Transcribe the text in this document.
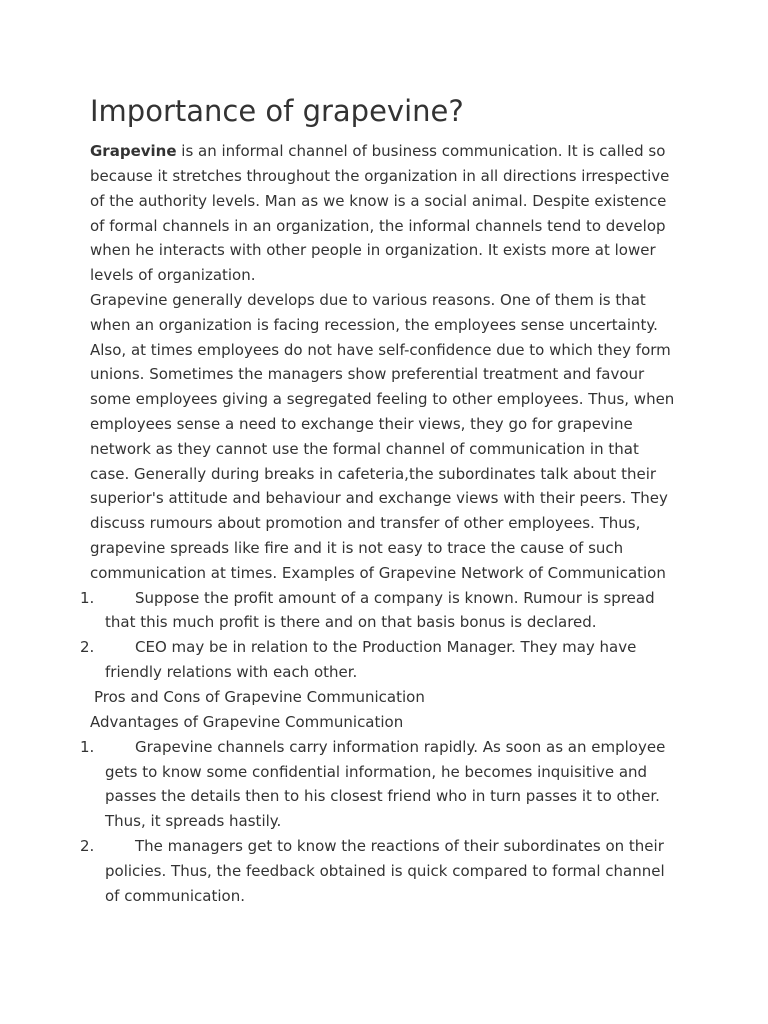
Importance of grapevine?
Grapevine is an informal channel of business communication. It is called so
because it stretches throughout the organization in all directions irrespective
of the authority levels. Man as we know is a social animal. Despite existence
of formal channels in an organization, the informal channels tend to develop
when he interacts with other people in organization. It exists more at lower
levels of organization.
Grapevine generally develops due to various reasons. One of them is that
when an organization is facing recession, the employees sense uncertainty.
Also, at times employees do not have self-confidence due to which they form
unions. Sometimes the managers show preferential treatment and favour
some employees giving a segregated feeling to other employees. Thus, when
employees sense a need to exchange their views, they go for grapevine
network as they cannot use the formal channel of communication in that
case. Generally during breaks in cafeteria,the subordinates talk about their
superior's attitude and behaviour and exchange views with their peers. They
discuss rumours about promotion and transfer of other employees. Thus,
grapevine spreads like fire and it is not easy to trace the cause of such
communication at times. Examples of Grapevine Network of Communication
1.	Suppose the profit amount of a company is known. Rumour is spread
that this much profit is there and on that basis bonus is declared.
2.	CEO may be in relation to the Production Manager. They may have
friendly relations with each other.
Pros and Cons of Grapevine Communication
Advantages of Grapevine Communication
1.	Grapevine channels carry information rapidly. As soon as an employee
gets to know some confidential information, he becomes inquisitive and
passes the details then to his closest friend who in turn passes it to other.
Thus, it spreads hastily.
2.	The managers get to know the reactions of their subordinates on their
policies. Thus, the feedback obtained is quick compared to formal channel
of communication.
